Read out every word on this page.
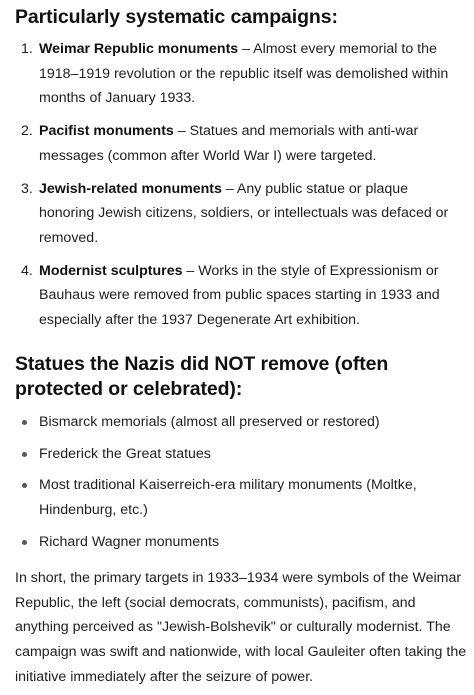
Particularly systematic campaigns:
1. Weimar Republic monuments – Almost every memorial to the 1918–1919 revolution or the republic itself was demolished within months of January 1933.
2. Pacifist monuments – Statues and memorials with anti-war messages (common after World War I) were targeted.
3. Jewish-related monuments – Any public statue or plaque honoring Jewish citizens, soldiers, or intellectuals was defaced or removed.
4. Modernist sculptures – Works in the style of Expressionism or Bauhaus were removed from public spaces starting in 1933 and especially after the 1937 Degenerate Art exhibition.
Statues the Nazis did NOT remove (often protected or celebrated):
Bismarck memorials (almost all preserved or restored)
Frederick the Great statues
Most traditional Kaiserreich-era military monuments (Moltke, Hindenburg, etc.)
Richard Wagner monuments

In short, the primary targets in 1933–1934 were symbols of the Weimar Republic, the left (social democrats, communists), pacifism, and anything perceived as "Jewish-Bolshevik" or culturally modernist. The campaign was swift and nationwide, with local Gauleiter often taking the initiative immediately after the seizure of power.
